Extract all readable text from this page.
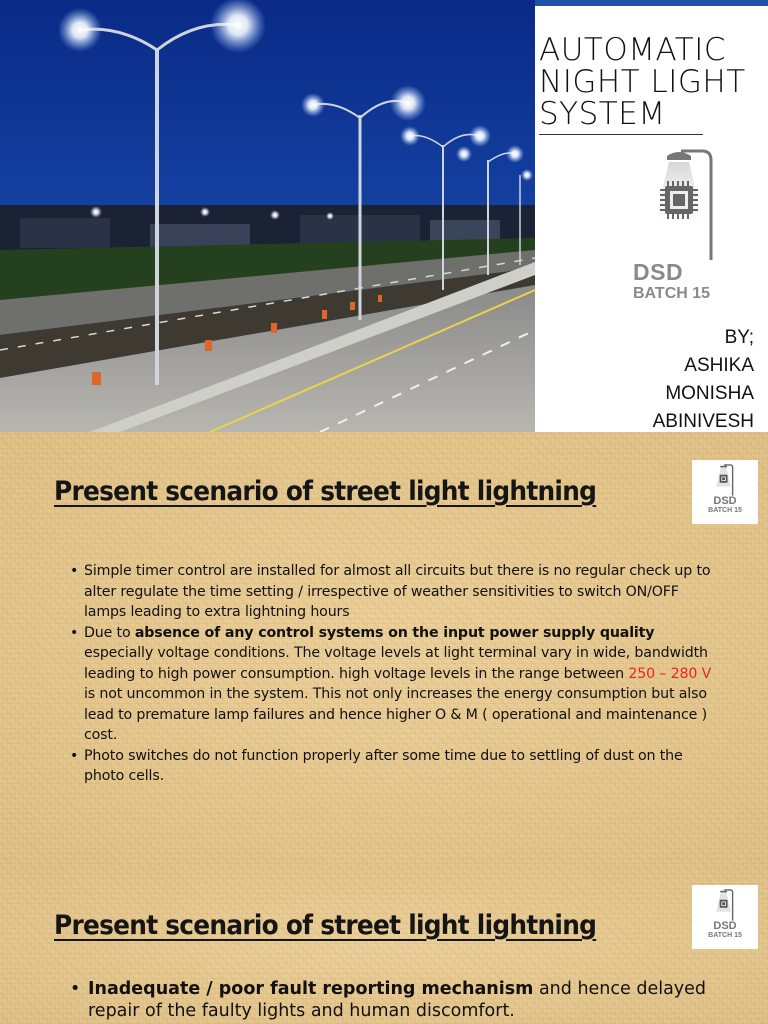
AUTOMATIC
NIGHT LIGHT
SYSTEM
DSD
BATCH 15
BY;
ASHIKA
MONISHA
ABINIVESH
Present scenario of street light lightning	DSD
BATCH 15
• Simple timer control are installed for almost all circuits but there is no regular check up to alter regulate the time setting / irrespective of weather sensitivities to switch ON/OFF lamps leading to extra lightning hours
• Due to absence of any control systems on the input power supply quality especially voltage conditions. The voltage levels at light terminal vary in wide, bandwidth leading to high power consumption. high voltage levels in the range between 250 – 280 V is not uncommon in the system. This not only increases the energy consumption but also lead to premature lamp failures and hence higher O & M ( operational and maintenance ) cost.
• Photo switches do not function properly after some time due to settling of dust on the photo cells.
Present scenario of street light lightning	DSD
BATCH 15
• Inadequate / poor fault reporting mechanism and hence delayed repair of the faulty lights and human discomfort.
